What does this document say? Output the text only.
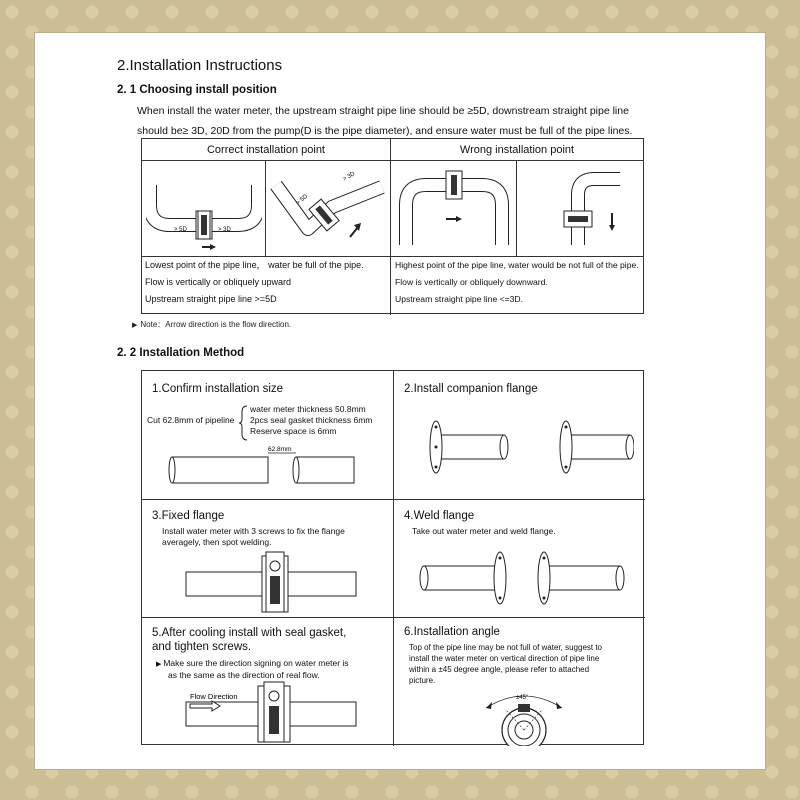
2.Installation Instructions
2. 1 Choosing install position
When install the water meter, the upstream straight pipe line should be ≥5D, downstream straight pipe line
should be≥ 3D, 20D from the pump(D is the pipe diameter), and ensure water must be full of the pipe lines.
Correct installation point	Wrong installation point
> 5D	> 3D
> 5D
> 3D
Lowest point of the pipe line， water be full of the pipe.
Flow is vertically or obliquely upward
Upstream straight pipe line >=5D
Highest point of the pipe line, water would be not full of the pipe.
Flow is vertically or obliquely downward.
Upstream straight pipe line <=3D.
▶ Note：Arrow direction is the flow direction.
2. 2 Installation Method
1.Confirm installation size
Cut 62.8mm of pipeline
water meter thickness 50.8mm
2pcs seal gasket thickness 6mm
Reserve space is 6mm
62.8mm
2.Install companion flange
3.Fixed flange
Install water meter with 3 screws to fix the flange
averagely, then spot welding.
4.Weld flange
Take out water meter and weld flange.
5.After cooling install with seal gasket,
and tighten screws.
▶ Make sure the direction signing on water meter is
as the same as the direction of real flow.
Flow Direction
6.Installation angle
Top of the pipe line may be not full of water, suggest to
install the water meter on vertical direction of pipe line
within a ±45 degree angle, please refer to attached
picture.
±45°
